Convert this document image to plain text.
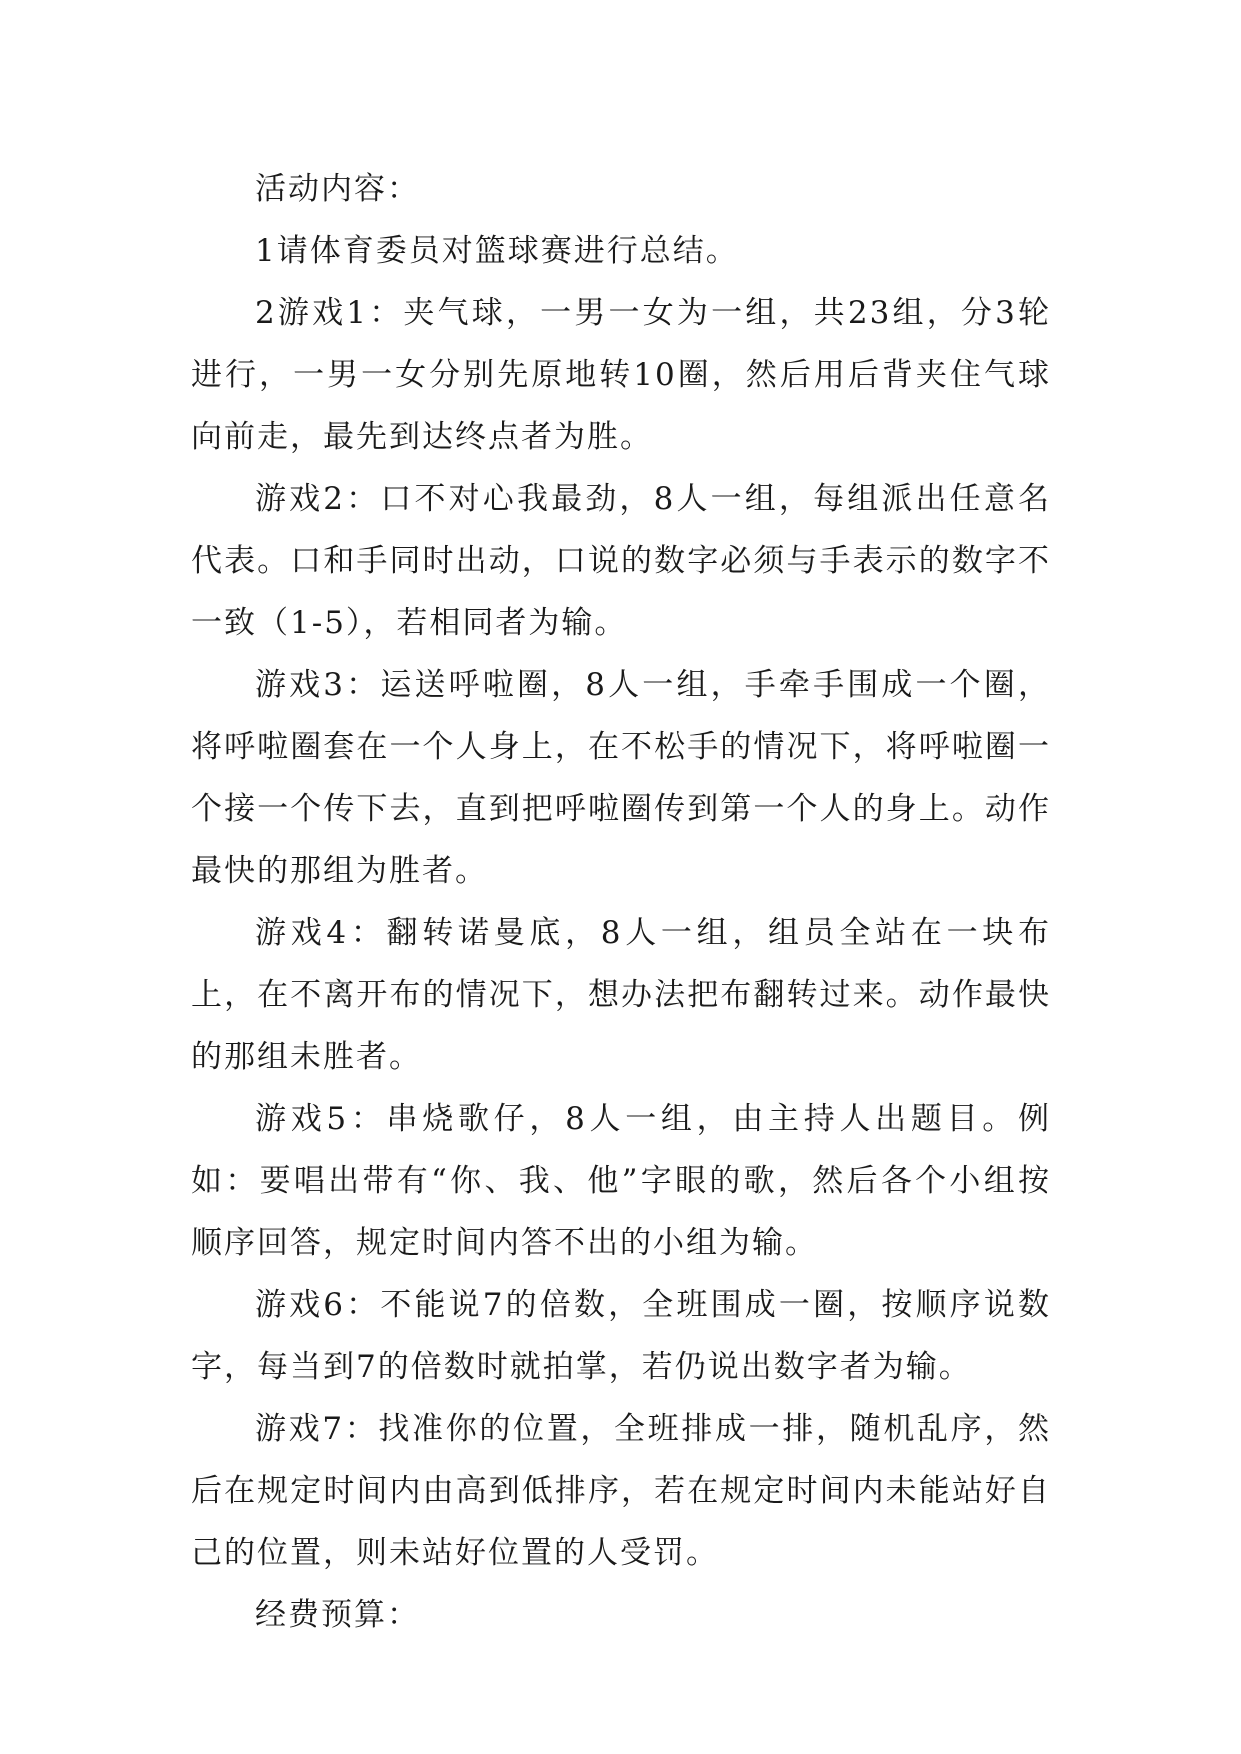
活动内容：

1请体育委员对篮球赛进行总结。

2游戏1：夹气球，一男一女为一组，共23组，分3轮进行，一男一女分别先原地转10圈，然后用后背夹住气球向前走，最先到达终点者为胜。

游戏2：口不对心我最劲，8人一组，每组派出任意名代表。口和手同时出动，口说的数字必须与手表示的数字不一致（1-5），若相同者为输。

游戏3：运送呼啦圈，8人一组，手牵手围成一个圈，将呼啦圈套在一个人身上，在不松手的情况下，将呼啦圈一个接一个传下去，直到把呼啦圈传到第一个人的身上。动作最快的那组为胜者。

游戏4：翻转诺曼底，8人一组，组员全站在一块布上，在不离开布的情况下，想办法把布翻转过来。动作最快的那组未胜者。

游戏5：串烧歌仔，8人一组，由主持人出题目。例如：要唱出带有“你、我、他”字眼的歌，然后各个小组按顺序回答，规定时间内答不出的小组为输。

游戏6：不能说7的倍数，全班围成一圈，按顺序说数字，每当到7的倍数时就拍掌，若仍说出数字者为输。

游戏7：找准你的位置，全班排成一排，随机乱序，然后在规定时间内由高到低排序，若在规定时间内未能站好自己的位置，则未站好位置的人受罚。

经费预算：
